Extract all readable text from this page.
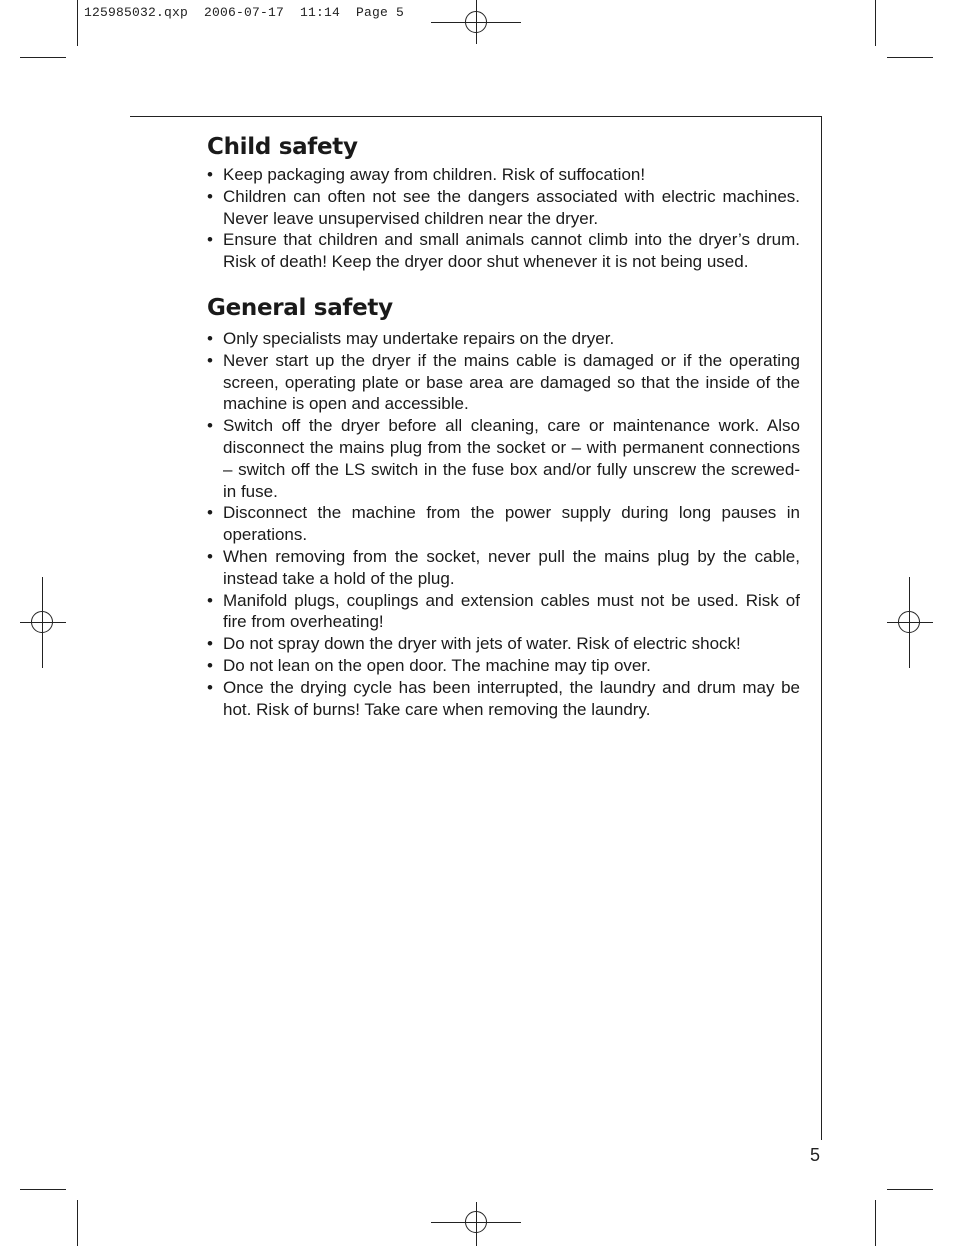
125985032.qxp  2006-07-17  11:14  Page 5
Child safety
• Keep packaging away from children. Risk of suffocation!
• Children can often not see the dangers associated with electric machines. Never leave unsupervised children near the dryer.
• Ensure that children and small animals cannot climb into the dryer’s drum. Risk of death! Keep the dryer door shut whenever it is not being used.
General safety
• Only specialists may undertake repairs on the dryer.
• Never start up the dryer if the mains cable is damaged or if the operating screen, operating plate or base area are damaged so that the inside of the machine is open and accessible.
• Switch off the dryer before all cleaning, care or maintenance work. Also disconnect the mains plug from the socket or – with permanent connections – switch off the LS switch in the fuse box and/or fully unscrew the screwed-in fuse.
• Disconnect the machine from the power supply during long pauses in operations.
• When removing from the socket, never pull the mains plug by the cable, instead take a hold of the plug.
• Manifold plugs, couplings and extension cables must not be used. Risk of fire from overheating!
• Do not spray down the dryer with jets of water. Risk of electric shock!
• Do not lean on the open door. The machine may tip over.
• Once the drying cycle has been interrupted, the laundry and drum may be hot. Risk of burns! Take care when removing the laundry.
5
